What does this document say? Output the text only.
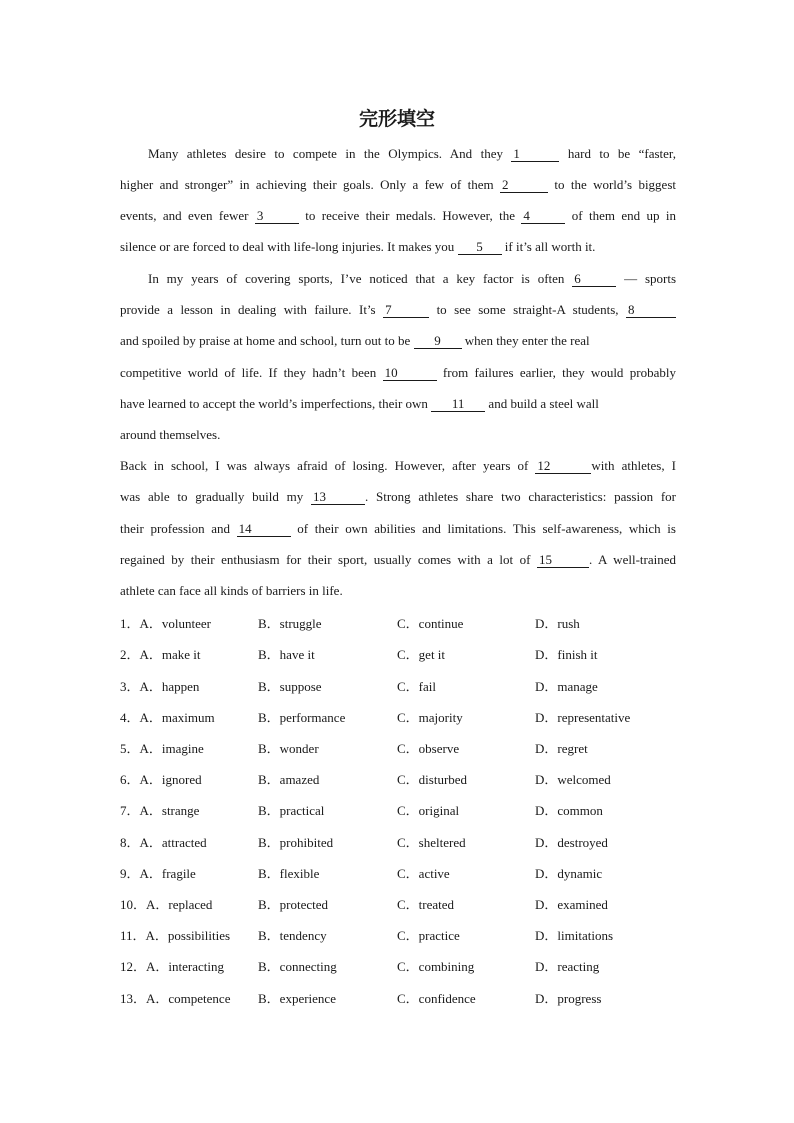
完形填空
Many athletes desire to compete in the Olympics. And they 1	hard to be “faster,
higher and stronger” in achieving their goals. Only a few of them 2	to the world’s biggest
events, and even fewer 3	to receive their medals. However, the 4	of them end up in
silence or are forced to deal with life-long injuries. It makes you 5 if it’s all worth it.
In my years of covering sports, I’ve noticed that a key factor is often 6	— sports
provide a lesson in dealing with failure. It’s 7	to see some straight-A students, 8
and spoiled by praise at home and school, turn out to be 9 when they enter the real
competitive world of life. If they hadn’t been 10	from failures earlier, they would probably
have learned to accept the world’s imperfections, their own 11 and build a steel wall
around themselves.
Back in school, I was always afraid of losing. However, after years of 12	with athletes, I
was able to gradually build my 13	. Strong athletes share two characteristics: passion for
their profession and 14	of their own abilities and limitations. This self-awareness, which is
regained by their enthusiasm for their sport, usually comes with a lot of 15	. A well-trained
athlete can face all kinds of barriers in life.
1．A．volunteer	B．struggle	C．continue	D．rush
2．A．make it	B．have it	C．get it	D．finish it
3．A．happen	B．suppose	C．fail	D．manage
4．A．maximum	B．performance	C．majority	D．representative
5．A．imagine	B．wonder	C．observe	D．regret
6．A．ignored	B．amazed	C．disturbed	D．welcomed
7．A．strange	B．practical	C．original	D．common
8．A．attracted	B．prohibited	C．sheltered	D．destroyed
9．A．fragile	B．flexible	C．active	D．dynamic
10．A．replaced	B．protected	C．treated	D．examined
11．A．possibilities B．tendency	C．practice	D．limitations
12．A．interacting	B．connecting	C．combining	D．reacting
13．A．competence B．experience	C．confidence	D．progress
